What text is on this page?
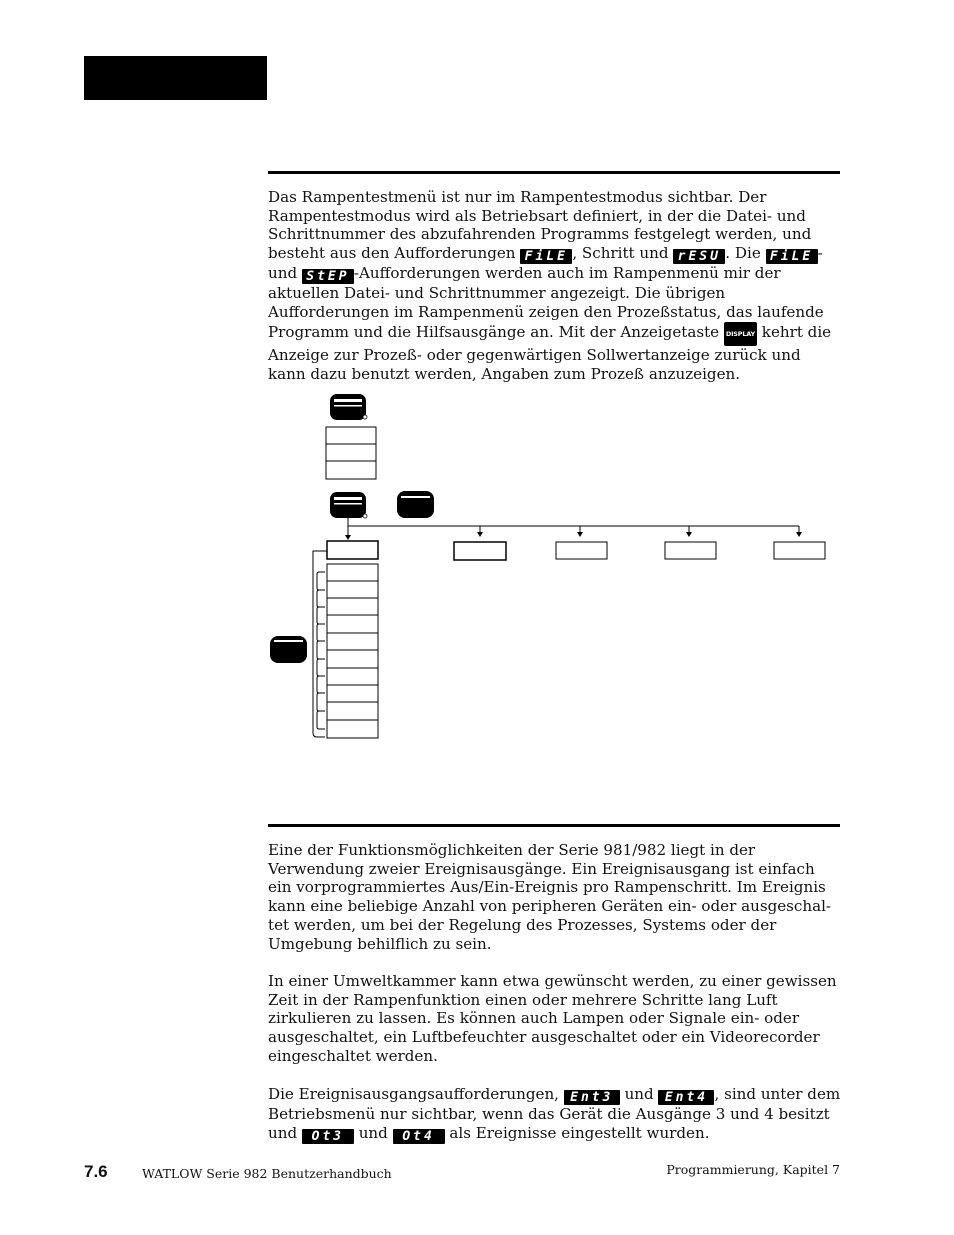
Das Rampentestmenü ist nur im Rampentestmodus sichtbar. Der Rampentestmodus wird als Betriebsart definiert, in der die Datei- und Schrittnummer des abzufahrenden Programms festgelegt werden, und besteht aus den Aufforderungen FiLE , Schritt und rESU . Die FiLE - und StEP -Aufforderungen werden auch im Rampenmenü mir der aktuellen Datei- und Schrittnummer angezeigt. Die übrigen Aufforderungen im Rampenmenü zeigen den Prozeßstatus, das laufende Programm und die Hilfsausgänge an. Mit der Anzeigetaste DISPLAY kehrt die Anzeige zur Prozeß- oder gegenwärtigen Sollwertanzeige zurück und kann dazu benutzt werden, Angaben zum Prozeß anzuzeigen.

Eine der Funktionsmöglichkeiten der Serie 981/982 liegt in der Verwendung zweier Ereignisausgänge. Ein Ereignisausgang ist einfach ein vorprogrammiertes Aus/Ein-Ereignis pro Rampenschritt. Im Ereignis kann eine beliebige Anzahl von peripheren Geräten ein- oder ausgeschal-tet werden, um bei der Regelung des Prozesses, Systems oder der Umgebung behilflich zu sein.

In einer Umweltkammer kann etwa gewünscht werden, zu einer gewissen Zeit in der Rampenfunktion einen oder mehrere Schritte lang Luft zirkulieren zu lassen. Es können auch Lampen oder Signale ein- oder ausgeschaltet, ein Luftbefeuchter ausgeschaltet oder ein Videorecorder eingeschaltet werden.

Die Ereignisausgangsaufforderungen, Ent3 und Ent4 , sind unter dem Betriebsmenü nur sichtbar, wenn das Gerät die Ausgänge 3 und 4 besitzt und Ot3 und Ot4 als Ereignisse eingestellt wurden.

7.6	WATLOW Serie 982 Benutzerhandbuch	Programmierung, Kapitel 7
